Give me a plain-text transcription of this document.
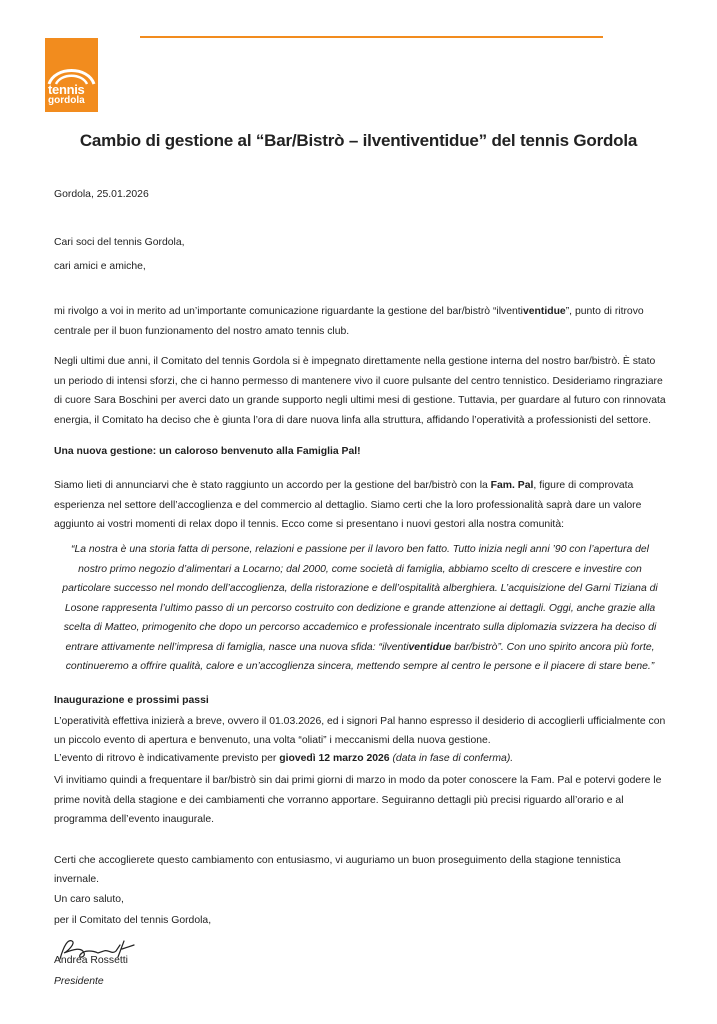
tennis
gordola
Cambio di gestione al “Bar/Bistrò – ilventiventidue” del tennis Gordola
Gordola, 25.01.2026
Cari soci del tennis Gordola,
cari amici e amiche,
mi rivolgo a voi in merito ad un’importante comunicazione riguardante la gestione del bar/bistrò “ilventiventidue”, punto di ritrovo centrale per il buon funzionamento del nostro amato tennis club.
Negli ultimi due anni, il Comitato del tennis Gordola si è impegnato direttamente nella gestione interna del nostro bar/bistrò. È stato un periodo di intensi sforzi, che ci hanno permesso di mantenere vivo il cuore pulsante del centro tennistico. Desideriamo ringraziare di cuore Sara Boschini per averci dato un grande supporto negli ultimi mesi di gestione. Tuttavia, per guardare al futuro con rinnovata energia, il Comitato ha deciso che è giunta l’ora di dare nuova linfa alla struttura, affidando l’operatività a professionisti del settore.
Una nuova gestione: un caloroso benvenuto alla Famiglia Pal!
Siamo lieti di annunciarvi che è stato raggiunto un accordo per la gestione del bar/bistrò con la Fam. Pal, figure di comprovata esperienza nel settore dell’accoglienza e del commercio al dettaglio. Siamo certi che la loro professionalità saprà dare un valore aggiunto ai vostri momenti di relax dopo il tennis. Ecco come si presentano i nuovi gestori alla nostra comunità:
“La nostra è una storia fatta di persone, relazioni e passione per il lavoro ben fatto. Tutto inizia negli anni ’90 con l’apertura del nostro primo negozio d’alimentari a Locarno; dal 2000, come società di famiglia, abbiamo scelto di crescere e investire con particolare successo nel mondo dell’accoglienza, della ristorazione e dell’ospitalità alberghiera. L’acquisizione del Garni Tiziana di Losone rappresenta l’ultimo passo di un percorso costruito con dedizione e grande attenzione ai dettagli. Oggi, anche grazie alla scelta di Matteo, primogenito che dopo un percorso accademico e professionale incentrato sulla diplomazia svizzera ha deciso di entrare attivamente nell’impresa di famiglia, nasce una nuova sfida: “ilventiventidue bar/bistrò”. Con uno spirito ancora più forte, continueremo a offrire qualità, calore e un’accoglienza sincera, mettendo sempre al centro le persone e il piacere di stare bene.”
Inaugurazione e prossimi passi
L’operatività effettiva inizierà a breve, ovvero il 01.03.2026, ed i signori Pal hanno espresso il desiderio di accoglierli ufficialmente con un piccolo evento di apertura e benvenuto, una volta “oliati” i meccanismi della nuova gestione.
L’evento di ritrovo è indicativamente previsto per giovedì 12 marzo 2026 (data in fase di conferma).
Vi invitiamo quindi a frequentare il bar/bistrò sin dai primi giorni di marzo in modo da poter conoscere la Fam. Pal e potervi godere le prime novità della stagione e dei cambiamenti che vorranno apportare. Seguiranno dettagli più precisi riguardo all’orario e al programma dell’evento inaugurale.
Certi che accoglierete questo cambiamento con entusiasmo, vi auguriamo un buon proseguimento della stagione tennistica invernale.
Un caro saluto,
per il Comitato del tennis Gordola,
Andrea Rossetti
Presidente
